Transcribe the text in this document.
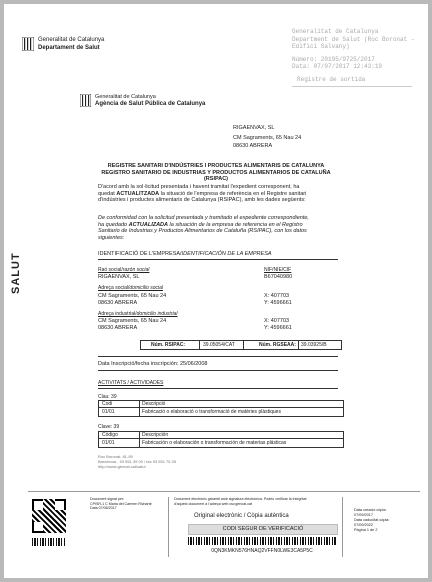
Generalitat de Catalunya
Departament de Salut
Generalitat de Catalunya
Department de Salut (Roc Boronat -
Edifici Salvany)
Número: 20195/9725/2017
Data: 07/07/2017 12:43:19
Registre de sortida
SALUT
Generalitat de Catalunya
Agència de Salut Pública de Catalunya
RIGAENVAX, SL
CM Sagraments, 65 Nau 24
08630 ABRERA
REGISTRE SANITARI D'INDÚSTRIES I PRODUCTES ALIMENTARIS DE CATALUNYA
REGISTRO SANITARIO DE INDUSTRIAS Y PRODUCTOS ALIMENTARIOS DE CATALUÑA
(RSIPAC)
D'acord amb la sol·licitud presentada i havent tramitat l'expedient corresponent, ha
quedat ACTUALITZADA la situació de l'empresa de referència en el Registre sanitari
d'indústries i productes alimentaris de Catalunya (RSIPAC), amb les dades següents:
De conformidad con la solicitud presentada y tramitado el expediente correspondiente,
ha quedado ACTUALIZADA la situación de la empresa de referencia en el Registro
Sanitario de Industrias y Productos Alimentarios de Cataluña (RSIPAC), con los datos
siguientes:
IDENTIFICACIÓ DE L'EMPRESA/IDENTIFICACIÓN DE LA EMPRESA
Raó social/razón social	NIF/NIE/CIF
RIGAENVAX, SL	B67040980
Adreça social/domicilio social
CM Sagraments, 65 Nau 24
08630 ABRERA
X: 407703
Y: 4596661
Adreça industrial/domicilio industrial
CM Sagraments, 65 Nau 24
08630 ABRERA
X: 407703
Y: 4596661
Núm. RSIPAC:	39.05054/CAT	Núm. RGSEAA: 39.03925/B
Data Inscripció/fecha inscripción: 25/06/2008
ACTIVITATS / ACTIVIDADES
Clau: 39
Codi	Descripció
01/01	Fabricació o elaboració o transformació de matèries plàstiques
Clave: 39
Código	Descripción
01/01	Fabricación o elaboración o transformación de materias plásticas
Roc Boronat, 81-95
Barcelona - 93 551 39 00 / fax 93 551 75 05
http://www.gencat.cat/salut
Document signat per:
CPISR-1 C Maria del Carmen Richarte
Data 07/06/2017
Document electrònic garantit amb signatura electrònica. Podeu verificar la integritat
d'aquest document a l'adreça web csv.gencat.cat
Original electrònic / Còpia autèntica
CODI SEGUR DE VERIFICACIÓ
0QN3KMKN576HNAQ2VFFN0LWE3CA5P5C
Data creació còpia:
07/09/2017
Data caducitat còpia:
07/09/2022
Pàgina 1 de 2
